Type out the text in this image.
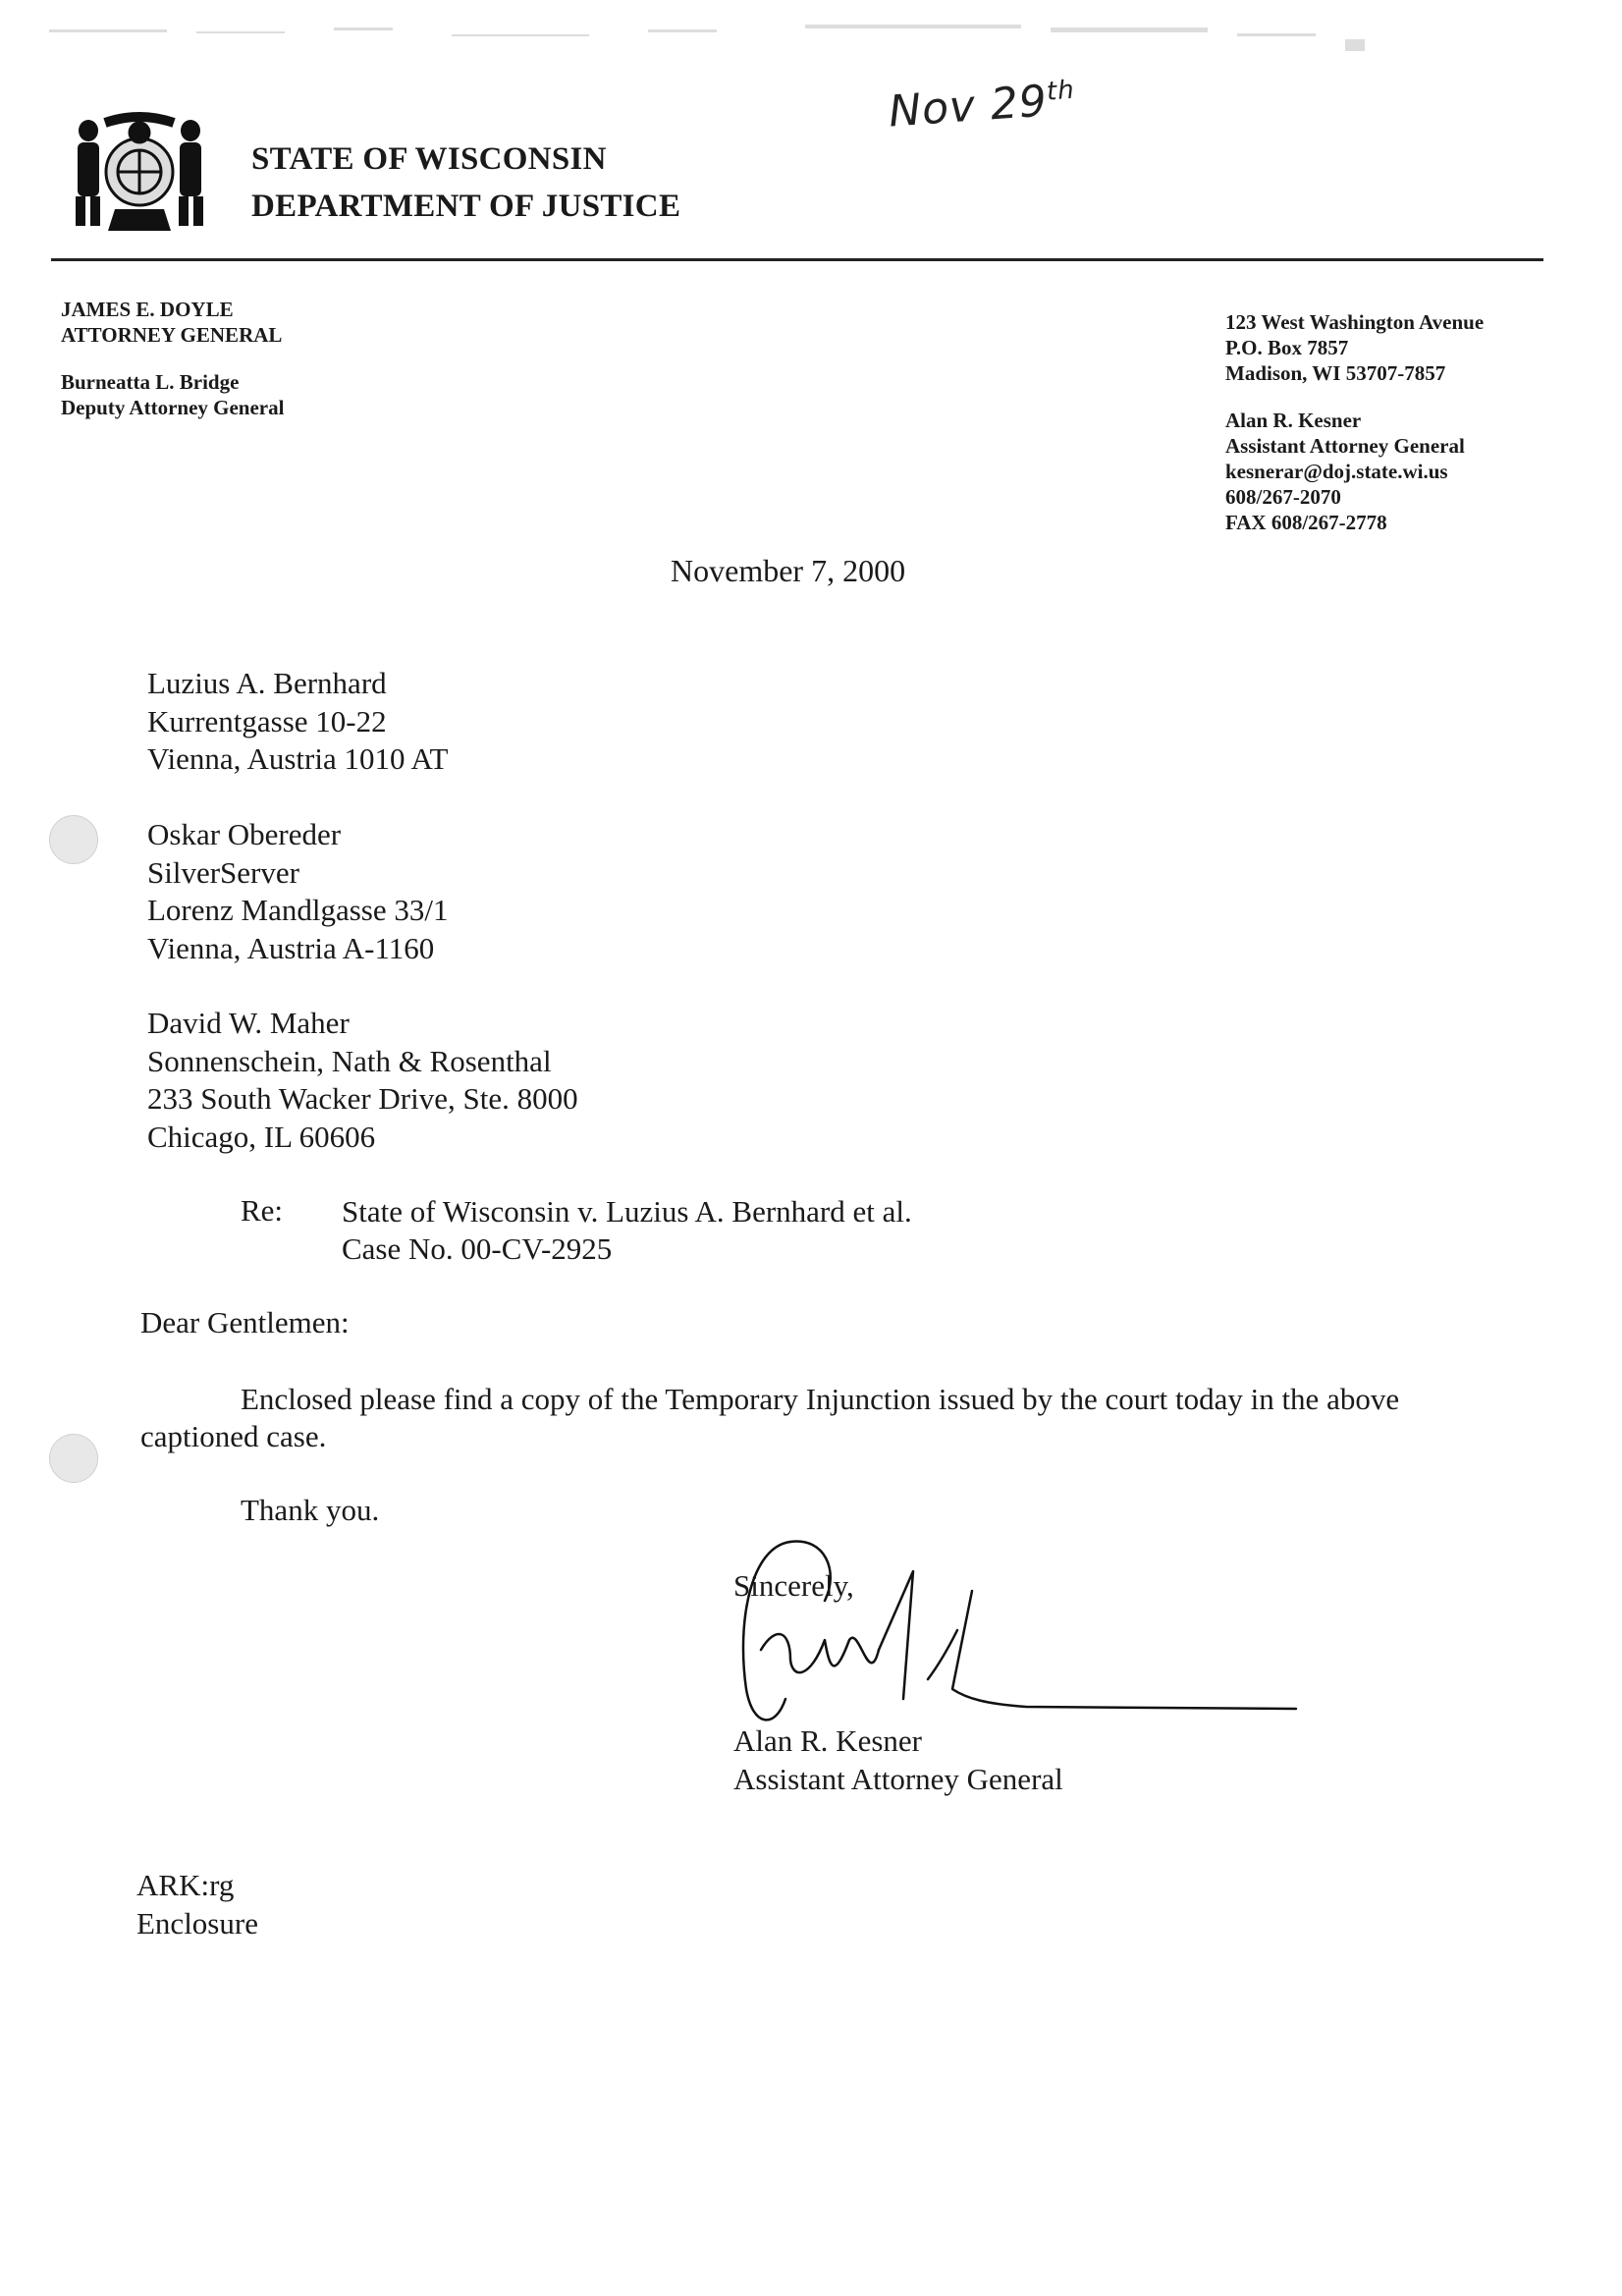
Nov 29th
STATE OF WISCONSIN
DEPARTMENT OF JUSTICE
JAMES E. DOYLE
ATTORNEY GENERAL
Burneatta L. Bridge
Deputy Attorney General
123 West Washington Avenue
P.O. Box 7857
Madison, WI 53707-7857
Alan R. Kesner
Assistant Attorney General
kesnerar@doj.state.wi.us
608/267-2070
FAX 608/267-2778
November 7, 2000
Luzius A. Bernhard
Kurrentgasse 10-22
Vienna, Austria 1010 AT
Oskar Obereder
SilverServer
Lorenz Mandlgasse 33/1
Vienna, Austria A-1160
David W. Maher
Sonnenschein, Nath & Rosenthal
233 South Wacker Drive, Ste. 8000
Chicago, IL 60606
Re: State of Wisconsin v. Luzius A. Bernhard et al.
Case No. 00-CV-2925
Dear Gentlemen:
Enclosed please find a copy of the Temporary Injunction issued by the court today in the above captioned case.
Thank you.
Sincerely,
Alan R. Kesner
Assistant Attorney General
ARK:rg
Enclosure
